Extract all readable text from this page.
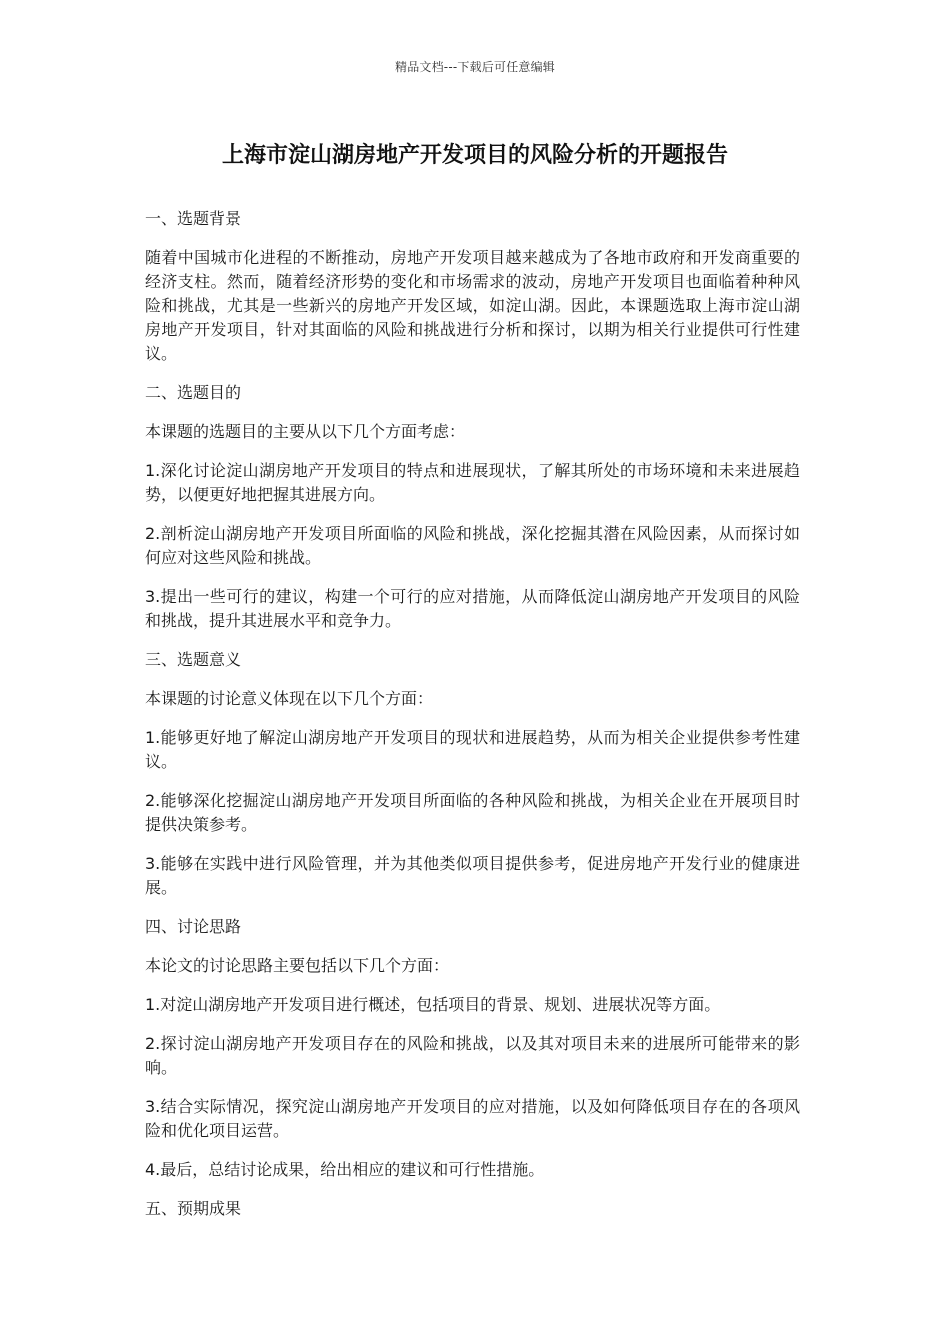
精品文档---下载后可任意编辑
上海市淀山湖房地产开发项目的风险分析的开题报告

一、选题背景

随着中国城市化进程的不断推动，房地产开发项目越来越成为了各地市政府和开发商重要的经济支柱。然而，随着经济形势的变化和市场需求的波动，房地产开发项目也面临着种种风险和挑战，尤其是一些新兴的房地产开发区域，如淀山湖。因此，本课题选取上海市淀山湖房地产开发项目，针对其面临的风险和挑战进行分析和探讨，以期为相关行业提供可行性建议。

二、选题目的

本课题的选题目的主要从以下几个方面考虑：

1.深化讨论淀山湖房地产开发项目的特点和进展现状，了解其所处的市场环境和未来进展趋势，以便更好地把握其进展方向。

2.剖析淀山湖房地产开发项目所面临的风险和挑战，深化挖掘其潜在风险因素，从而探讨如何应对这些风险和挑战。

3.提出一些可行的建议，构建一个可行的应对措施，从而降低淀山湖房地产开发项目的风险和挑战，提升其进展水平和竞争力。

三、选题意义

本课题的讨论意义体现在以下几个方面：

1.能够更好地了解淀山湖房地产开发项目的现状和进展趋势，从而为相关企业提供参考性建议。

2.能够深化挖掘淀山湖房地产开发项目所面临的各种风险和挑战，为相关企业在开展项目时提供决策参考。

3.能够在实践中进行风险管理，并为其他类似项目提供参考，促进房地产开发行业的健康进展。

四、讨论思路

本论文的讨论思路主要包括以下几个方面：

1.对淀山湖房地产开发项目进行概述，包括项目的背景、规划、进展状况等方面。

2.探讨淀山湖房地产开发项目存在的风险和挑战，以及其对项目未来的进展所可能带来的影响。

3.结合实际情况，探究淀山湖房地产开发项目的应对措施，以及如何降低项目存在的各项风险和优化项目运营。

4.最后，总结讨论成果，给出相应的建议和可行性措施。

五、预期成果
